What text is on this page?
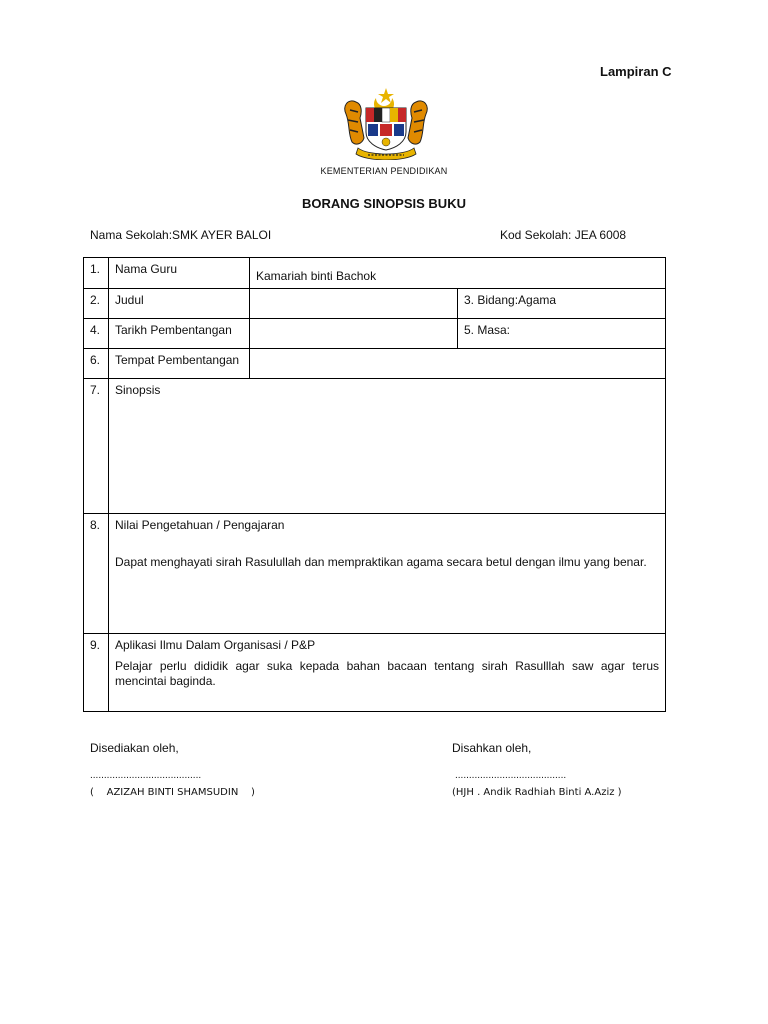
Lampiran C
KEMENTERIAN PENDIDIKAN
BORANG SINOPSIS BUKU
Nama Sekolah:SMK AYER BALOI	Kod Sekolah: JEA 6008
1.	Nama Guru	Kamariah binti Bachok	
2.	Judul		3. Bidang:Agama
4.	Tarikh Pembentangan		5. Masa:
6.	Tempat Pembentangan		
7.	Sinopsis		
8.	Nilai Pengetahuan / Pengajaran
Dapat menghayati sirah Rasulullah dan mempraktikan agama secara betul dengan ilmu yang benar.		

9.	Aplikasi Ilmu Dalam Organisasi / P&P
Pelajar perlu dididik agar suka kepada bahan bacaan tentang sirah Rasulllah saw agar terus mencintai baginda.		
Disediakan oleh,	Disahkan oleh,
........................................	........................................
(    AZIZAH BINTI SHAMSUDIN    )	(HJH . Andik Radhiah Binti A.Aziz )
